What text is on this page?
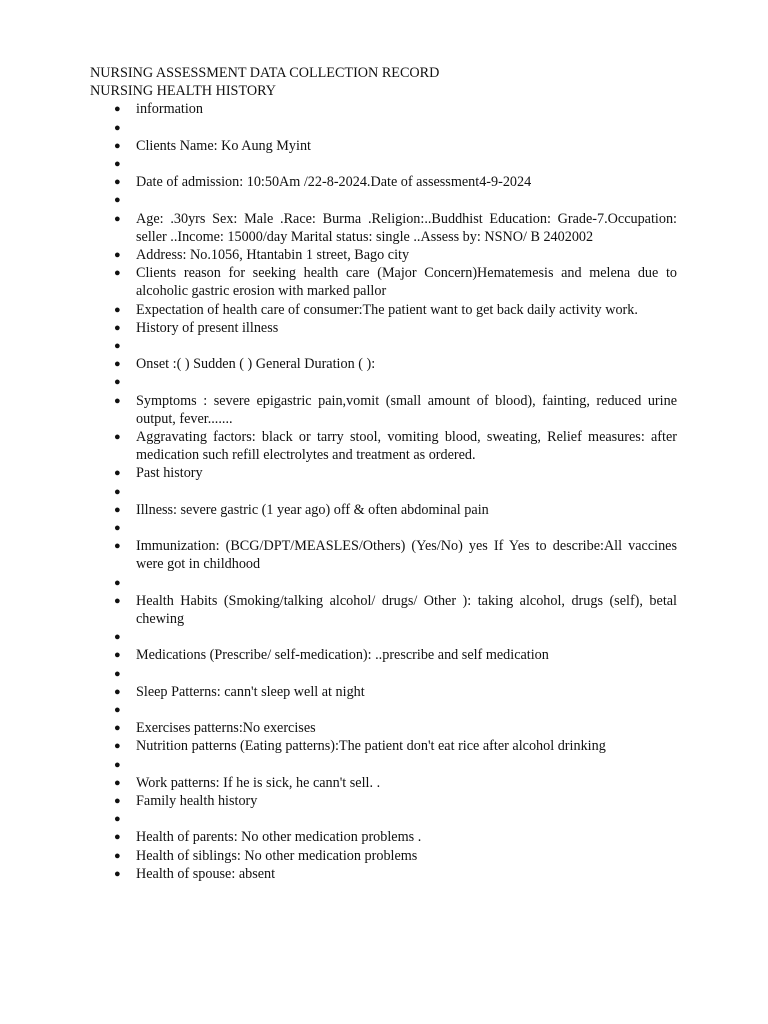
NURSING ASSESSMENT DATA COLLECTION RECORD

NURSING HEALTH HISTORY

● information
●
● Clients Name: Ko Aung Myint
●
● Date of admission: 10:50Am /22-8-2024.Date of assessment4-9-2024
●
● Age: .30yrs Sex: Male .Race: Burma .Religion:..Buddhist Education: Grade-7.Occupation: seller ..Income: 15000/day Marital status: single ..Assess by: NSNO/ B 2402002
● Address: No.1056, Htantabin 1 street, Bago city
● Clients reason for seeking health care (Major Concern)Hematemesis and melena due to alcoholic gastric erosion with marked pallor
● Expectation of health care of consumer:The patient want to get back daily activity work.
● History of present illness
●
● Onset :( ) Sudden ( ) General Duration ( ):
●
● Symptoms : severe epigastric pain,vomit (small amount of blood), fainting, reduced urine output, fever.......
● Aggravating factors: black or tarry stool, vomiting blood, sweating, Relief measures: after medication such refill electrolytes and treatment as ordered.
● Past history
●
● Illness: severe gastric (1 year ago) off & often abdominal pain
●
● Immunization: (BCG/DPT/MEASLES/Others) (Yes/No) yes If Yes to describe:All vaccines were got in childhood
●
● Health Habits (Smoking/talking alcohol/ drugs/ Other ): taking alcohol, drugs (self), betal chewing
●
● Medications (Prescribe/ self-medication): ..prescribe and self medication
●
● Sleep Patterns: cann't sleep well at night
●
● Exercises patterns:No exercises
● Nutrition patterns (Eating patterns):The patient don't eat rice after alcohol drinking
●
● Work patterns: If he is sick, he cann't sell. .
● Family health history
●
● Health of parents: No other medication problems .
● Health of siblings: No other medication problems
● Health of spouse: absent
